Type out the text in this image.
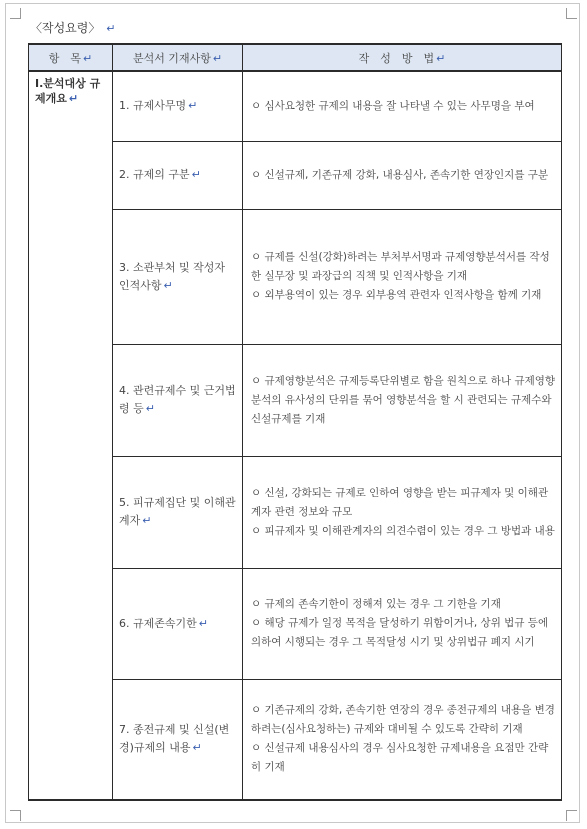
〈작성요령〉 ↵
항　목 ↵	분석서 기재사항 ↵	작　성　방　법 ↵
Ⅰ.분석대상 규제개요 ↵	1. 규제사무명 ↵	ㅇ 심사요청한 규제의 내용을 잘 나타낼 수 있는 사무명을 부여

	2. 규제의 구분 ↵	ㅇ 신설규제, 기존규제 강화, 내용심사, 존속기한 연장인지를 구분

	3. 소관부처 및 작성자 인적사항 ↵	ㅇ 규제를 신설(강화)하려는 부처부서명과 규제영향분석서를 작성한 실무장 및 과장급의 직책 및 인적사항을 기재
ㅇ 외부용역이 있는 경우 외부용역 관련자 인적사항을 함께 기재

	4. 관련규제수 및 근거법령 등 ↵	ㅇ 규제영향분석은 규제등록단위별로 함을 원칙으로 하나 규제영향분석의 유사성의 단위를 묶어 영향분석을 할 시 관련되는 규제수와 신설규제를 기재

	5. 피규제집단 및 이해관계자 ↵	ㅇ 신설, 강화되는 규제로 인하여 영향을 받는 피규제자 및 이해관계자 관련 정보와 규모
ㅇ 피규제자 및 이해관계자의 의견수렴이 있는 경우 그 방법과 내용

	6. 규제존속기한 ↵	ㅇ 규제의 존속기한이 정해져 있는 경우 그 기한을 기재
ㅇ 해당 규제가 일정 목적을 달성하기 위함이거나, 상위 법규 등에 의하여 시행되는 경우 그 목적달성 시기 및 상위법규 폐지 시기

	7. 종전규제 및 신설(변경)규제의 내용 ↵	ㅇ 기존규제의 강화, 존속기한 연장의 경우 종전규제의 내용을 변경하려는(심사요청하는) 규제와 대비될 수 있도록 간략히 기재
ㅇ 신설규제 내용심사의 경우 심사요청한 규제내용을 요점만 간략히 기재
